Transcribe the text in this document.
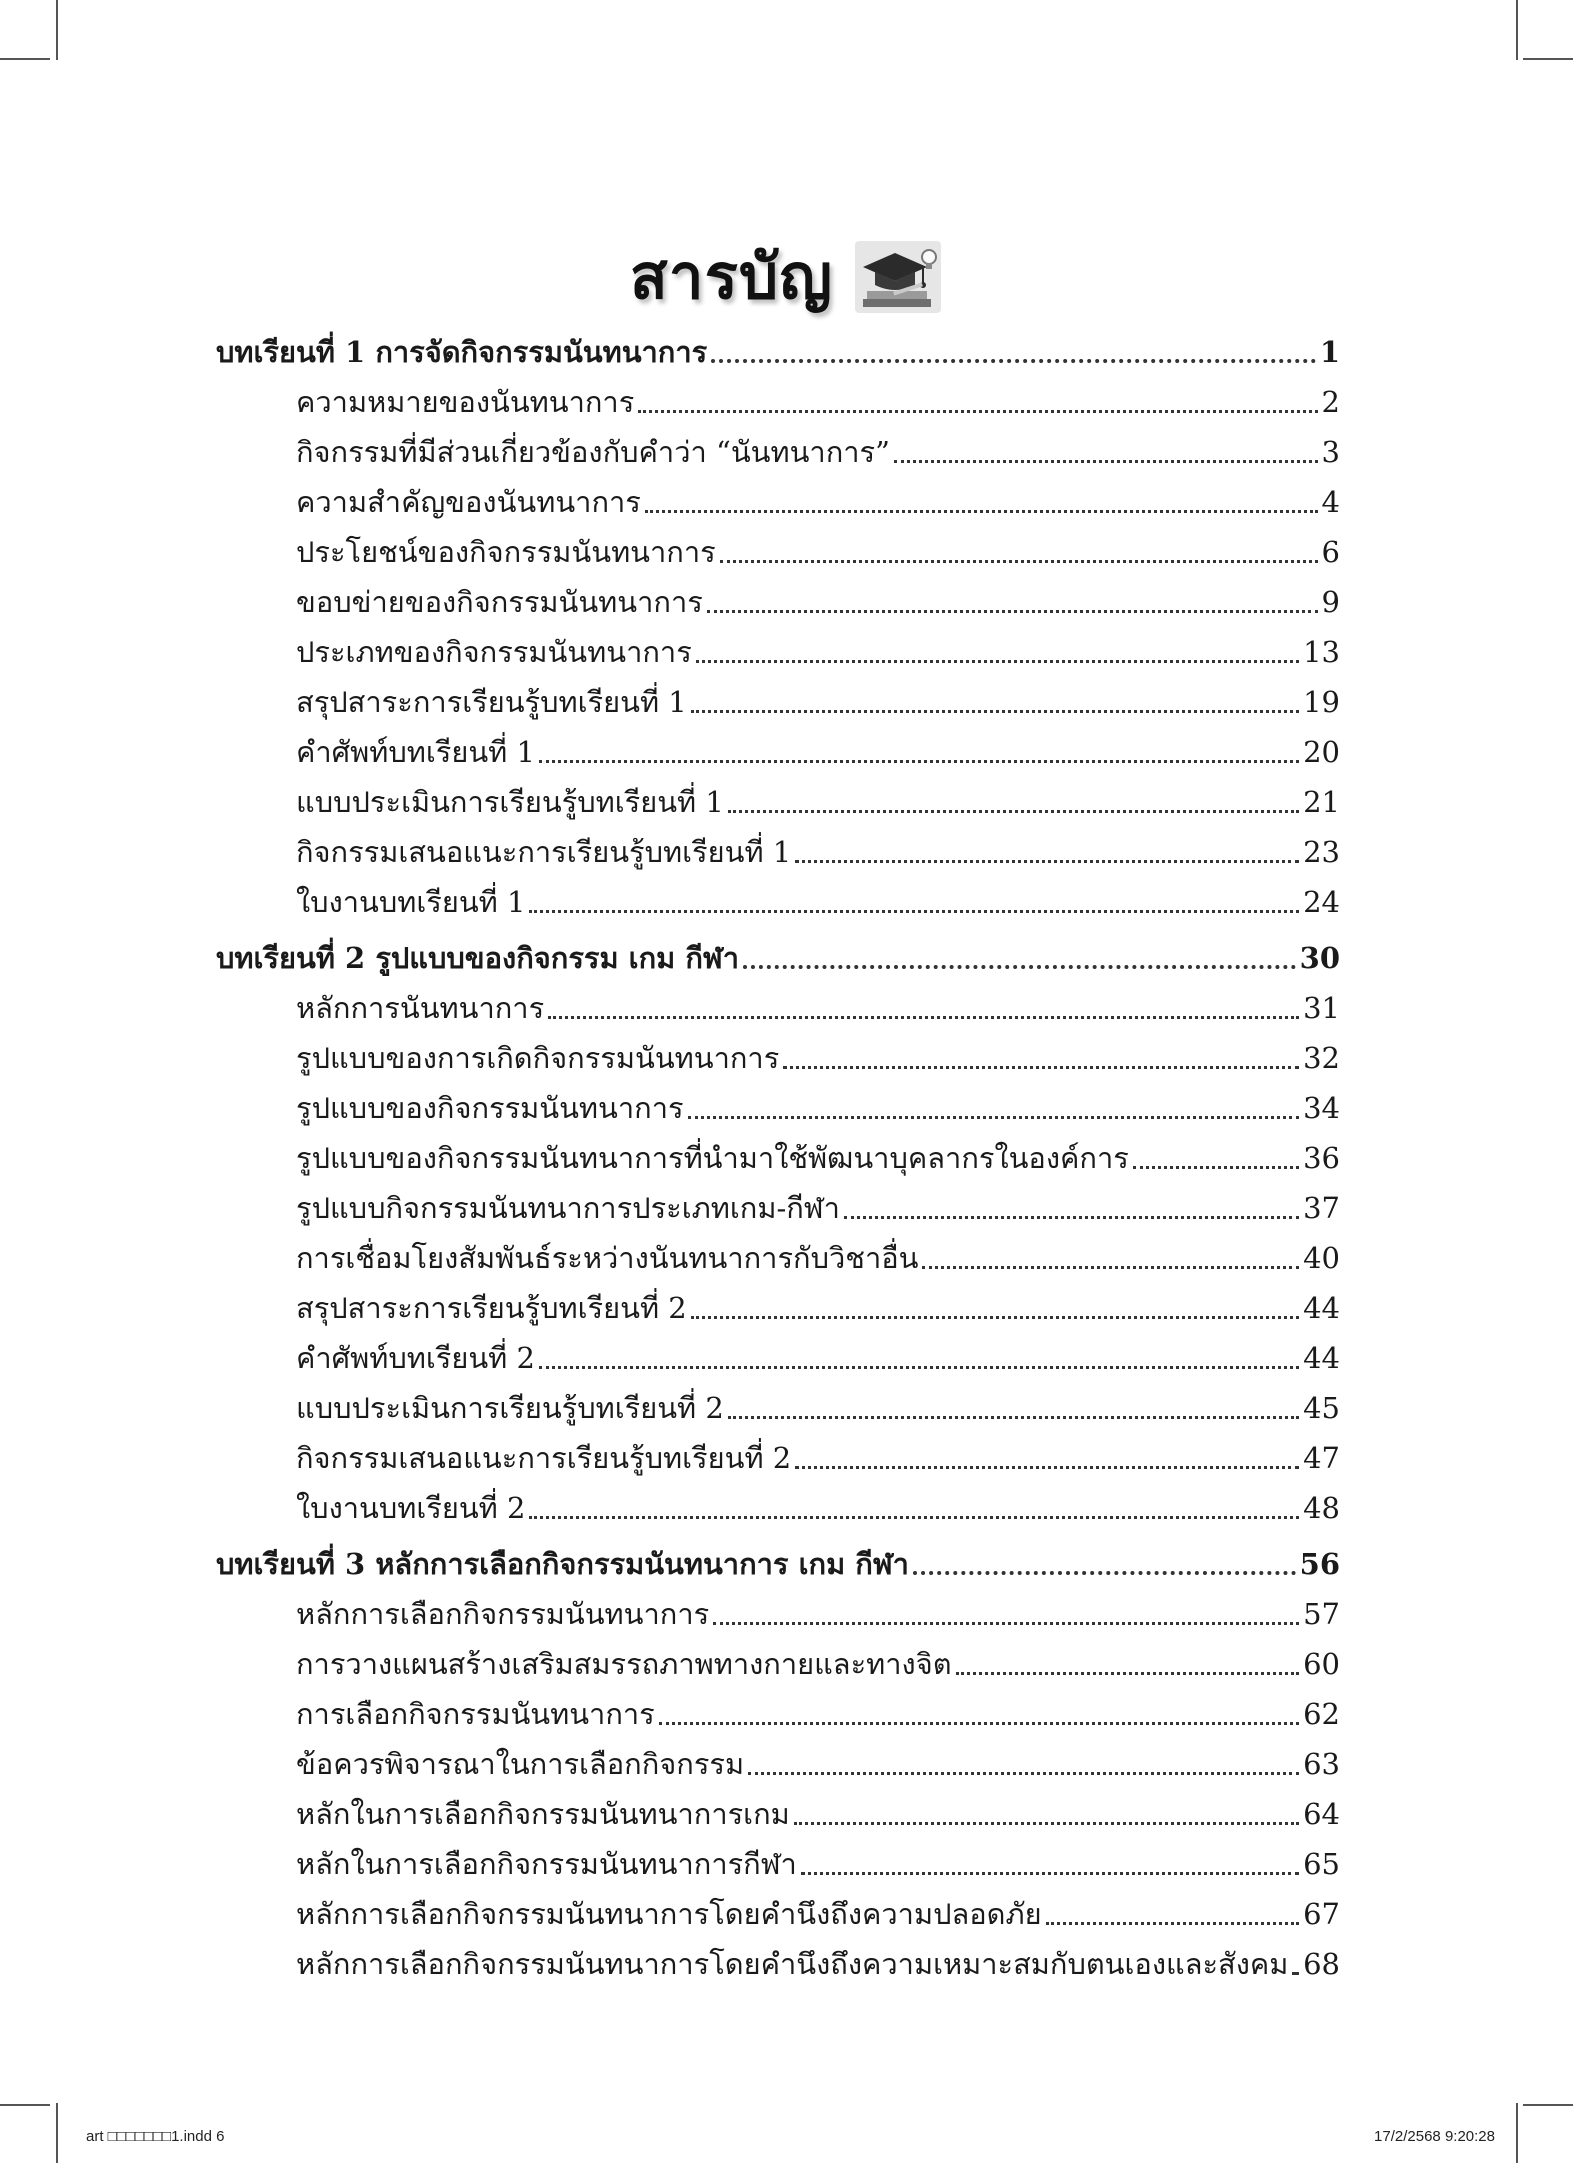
สารบัญ
บทเรียนที่ 1 การจัดกิจกรรมนันทนาการ	1
ความหมายของนันทนาการ	2
กิจกรรมที่มีส่วนเกี่ยวข้องกับคำว่า “นันทนาการ”	3
ความสำคัญของนันทนาการ	4
ประโยชน์ของกิจกรรมนันทนาการ	6
ขอบข่ายของกิจกรรมนันทนาการ	9
ประเภทของกิจกรรมนันทนาการ	13
สรุปสาระการเรียนรู้บทเรียนที่ 1	19
คำศัพท์บทเรียนที่ 1	20
แบบประเมินการเรียนรู้บทเรียนที่ 1	21
กิจกรรมเสนอแนะการเรียนรู้บทเรียนที่ 1	23
ใบงานบทเรียนที่ 1	24
บทเรียนที่ 2 รูปแบบของกิจกรรม เกม กีฬา	30
หลักการนันทนาการ	31
รูปแบบของการเกิดกิจกรรมนันทนาการ	32
รูปแบบของกิจกรรมนันทนาการ	34
รูปแบบของกิจกรรมนันทนาการที่นำมาใช้พัฒนาบุคลากรในองค์การ	36
รูปแบบกิจกรรมนันทนาการประเภทเกม-กีฬา	37
การเชื่อมโยงสัมพันธ์ระหว่างนันทนาการกับวิชาอื่น	40
สรุปสาระการเรียนรู้บทเรียนที่ 2	44
คำศัพท์บทเรียนที่ 2	44
แบบประเมินการเรียนรู้บทเรียนที่ 2	45
กิจกรรมเสนอแนะการเรียนรู้บทเรียนที่ 2	47
ใบงานบทเรียนที่ 2	48
บทเรียนที่ 3 หลักการเลือกกิจกรรมนันทนาการ เกม กีฬา	56
หลักการเลือกกิจกรรมนันทนาการ	57
การวางแผนสร้างเสริมสมรรถภาพทางกายและทางจิต	60
การเลือกกิจกรรมนันทนาการ	62
ข้อควรพิจารณาในการเลือกกิจกรรม	63
หลักในการเลือกกิจกรรมนันทนาการเกม	64
หลักในการเลือกกิจกรรมนันทนาการกีฬา	65
หลักการเลือกกิจกรรมนันทนาการโดยคำนึงถึงความปลอดภัย	67
หลักการเลือกกิจกรรมนันทนาการโดยคำนึงถึงความเหมาะสมกับตนเองและสังคม 68
art □□□□□□□1.indd 6	17/2/2568 9:20:28
